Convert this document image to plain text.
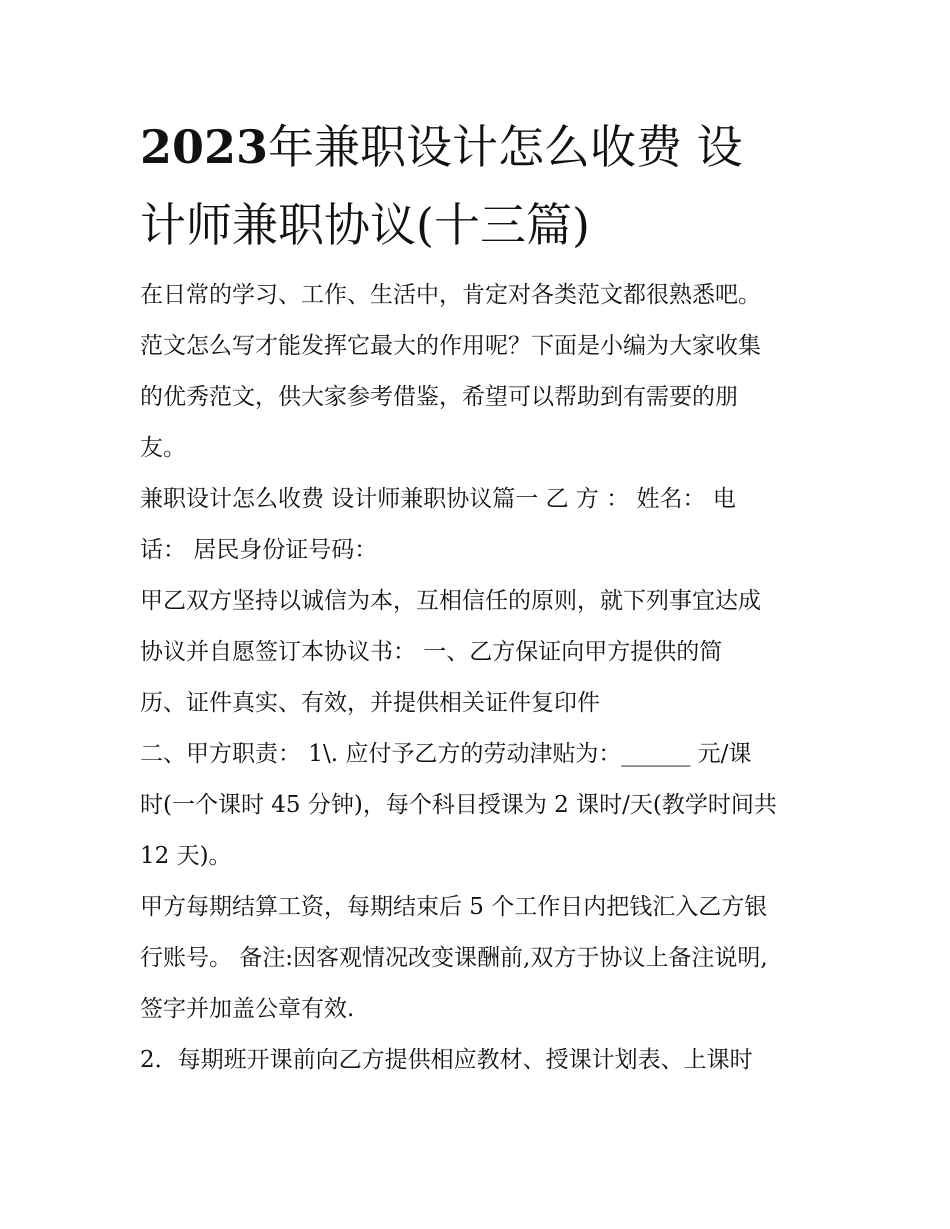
2023年兼职设计怎么收费 设
计师兼职协议(十三篇)

在日常的学习、工作、生活中，肯定对各类范文都很熟悉吧。
范文怎么写才能发挥它最大的作用呢？下面是小编为大家收集
的优秀范文，供大家参考借鉴，希望可以帮助到有需要的朋
友。

兼职设计怎么收费 设计师兼职协议篇一 乙 方 ： 姓名： 电
话： 居民身份证号码：

甲乙双方坚持以诚信为本，互相信任的原则，就下列事宜达成
协议并自愿签订本协议书： 一、乙方保证向甲方提供的简
历、证件真实、有效，并提供相关证件复印件

二、甲方职责： 1\. 应付予乙方的劳动津贴为：______ 元/课
时(一个课时 45 分钟)，每个科目授课为 2 课时/天(教学时间共
12 天)。

甲方每期结算工资，每期结束后 5 个工作日内把钱汇入乙方银
行账号。 备注:因客观情况改变课酬前,双方于协议上备注说明,
签字并加盖公章有效.

2．每期班开课前向乙方提供相应教材、授课计划表、上课时
